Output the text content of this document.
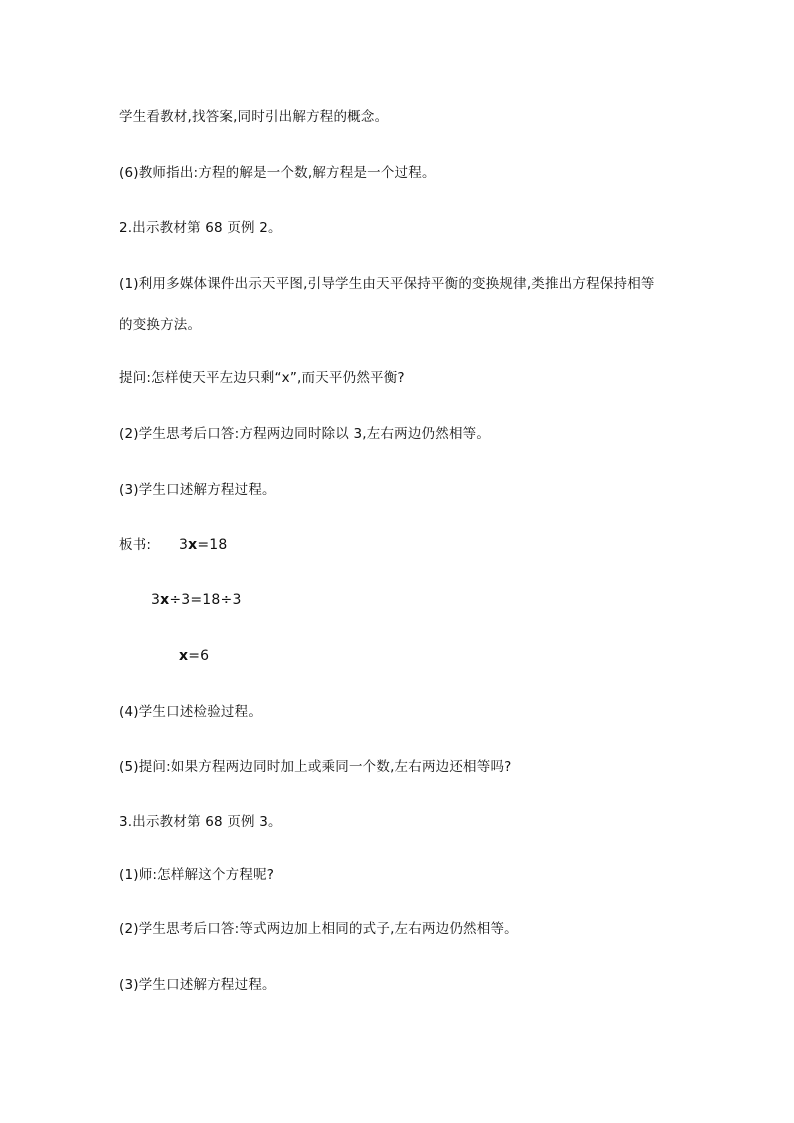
学生看教材,找答案,同时引出解方程的概念。
(6)教师指出:方程的解是一个数,解方程是一个过程。
2.出示教材第 68 页例 2。
(1)利用多媒体课件出示天平图,引导学生由天平保持平衡的变换规律,类推出方程保持相等
的变换方法。
提问:怎样使天平左边只剩“x”,而天平仍然平衡?
(2)学生思考后口答:方程两边同时除以 3,左右两边仍然相等。
(3)学生口述解方程过程。
板书: 3x=18
3x÷3=18÷3
x=6
(4)学生口述检验过程。
(5)提问:如果方程两边同时加上或乘同一个数,左右两边还相等吗?
3.出示教材第 68 页例 3。
(1)师:怎样解这个方程呢?
(2)学生思考后口答:等式两边加上相同的式子,左右两边仍然相等。
(3)学生口述解方程过程。
